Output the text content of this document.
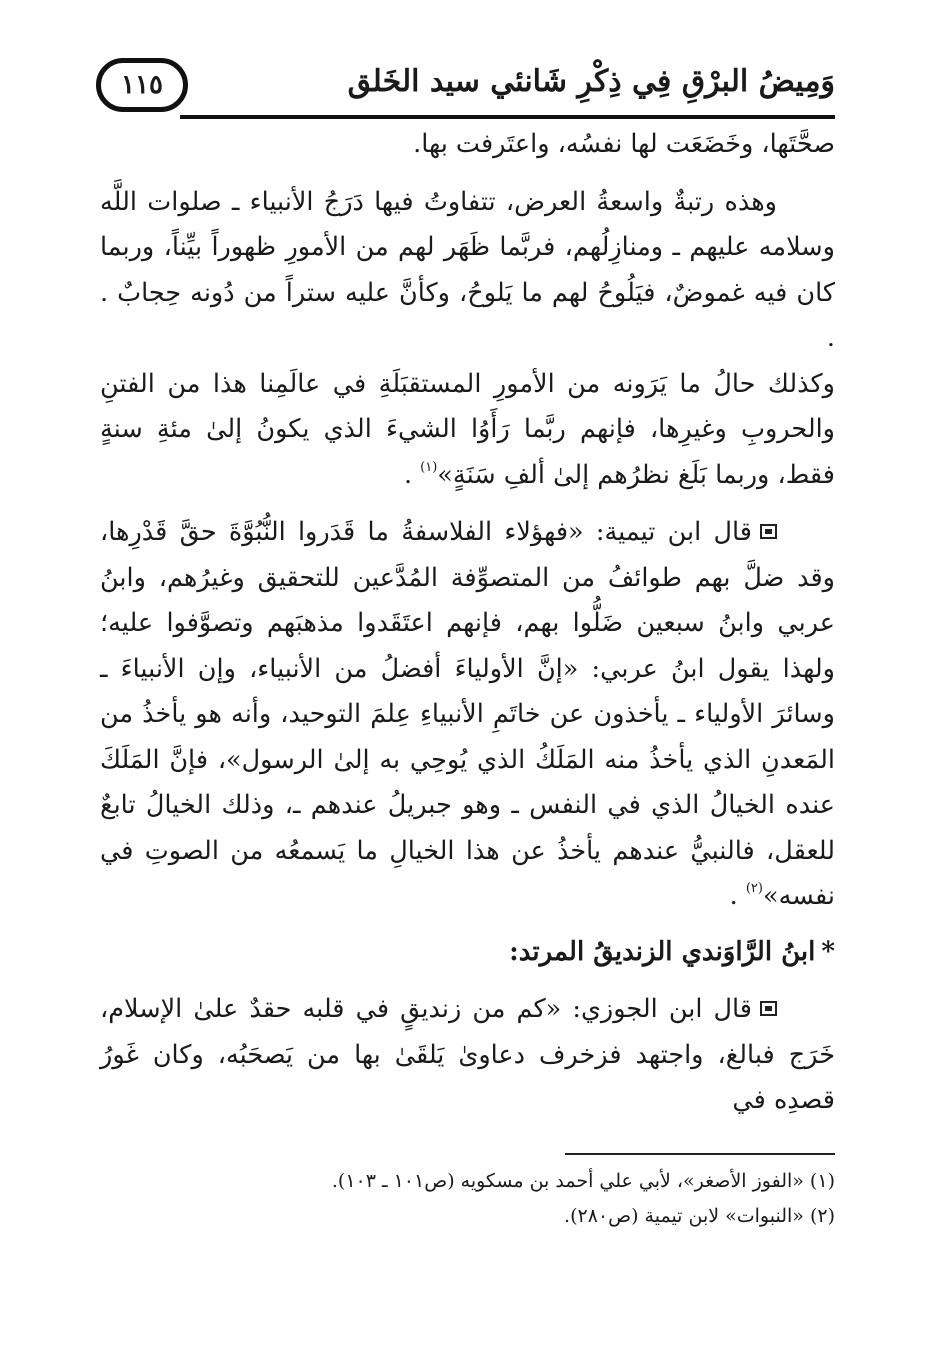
وَمِيضُ البرْقِ فِي ذِكْرِ شَانئي سيد الخَلق
١١٥

صحَّتَها، وخَضَعَت لها نفسُه، واعتَرفت بها.

وهذه رتبةٌ واسعةُ العرض، تتفاوتُ فيها دَرَجُ الأنبياء ـ صلوات اللَّه وسلامه عليهم ـ ومنازِلُهم، فربَّما ظَهَر لهم من الأمورِ ظهوراً بيِّناً، وربما كان فيه غموضٌ، فيَلُوحُ لهم ما يَلوحُ، وكأنَّ عليه ستراً من دُونه حِجابٌ . .

وكذلك حالُ ما يَرَونه من الأمورِ المستقبَلَةِ في عالَمِنا هذا من الفتنِ والحروبِ وغيرِها، فإنهم ربَّما رَأَوُا الشيءَ الذي يكونُ إلىٰ مئةِ سنةٍ فقط، وربما بَلَغ نظرُهم إلىٰ ألفِ سَنَةٍ»$^{(١)}$ .

قال ابن تيمية: «فهؤلاء الفلاسفةُ ما قَدَروا النُّبُوَّةَ حقَّ قَدْرِها، وقد ضلَّ بهم طوائفُ من المتصوِّفة المُدَّعين للتحقيق وغيرُهم، وابنُ عربي وابنُ سبعين ضَلُّوا بهم، فإنهم اعتَقَدوا مذهبَهم وتصوَّفوا عليه؛ ولهذا يقول ابنُ عربي: «إنَّ الأولياءَ أفضلُ من الأنبياء، وإن الأنبياءَ ـ وسائرَ الأولياء ـ يأخذون عن خاتَمِ الأنبياءِ عِلمَ التوحيد، وأنه هو يأخذُ من المَعدنِ الذي يأخذُ منه المَلَكُ الذي يُوحِي به إلىٰ الرسول»، فإنَّ المَلَكَ عنده الخيالُ الذي في النفس ـ وهو جبريلُ عندهم ـ، وذلك الخيالُ تابعٌ للعقل، فالنبيُّ عندهم يأخذُ عن هذا الخيالِ ما يَسمعُه من الصوتِ في نفسه»$^{(٢)}$ .

*ابنُ الرَّاوَندي الزنديقُ المرتد:

قال ابن الجوزي: «كم من زنديقٍ في قلبه حقدٌ علىٰ الإسلام، خَرَج فبالغ، واجتهد فزخرف دعاوىٰ يَلقَىٰ بها من يَصحَبُه، وكان غَورُ قصدِه في

(١) «الفوز الأصغر»، لأبي علي أحمد بن مسكويه (ص١٠١ ـ ١٠٣).

(٢) «النبوات» لابن تيمية (ص٢٨٠).
